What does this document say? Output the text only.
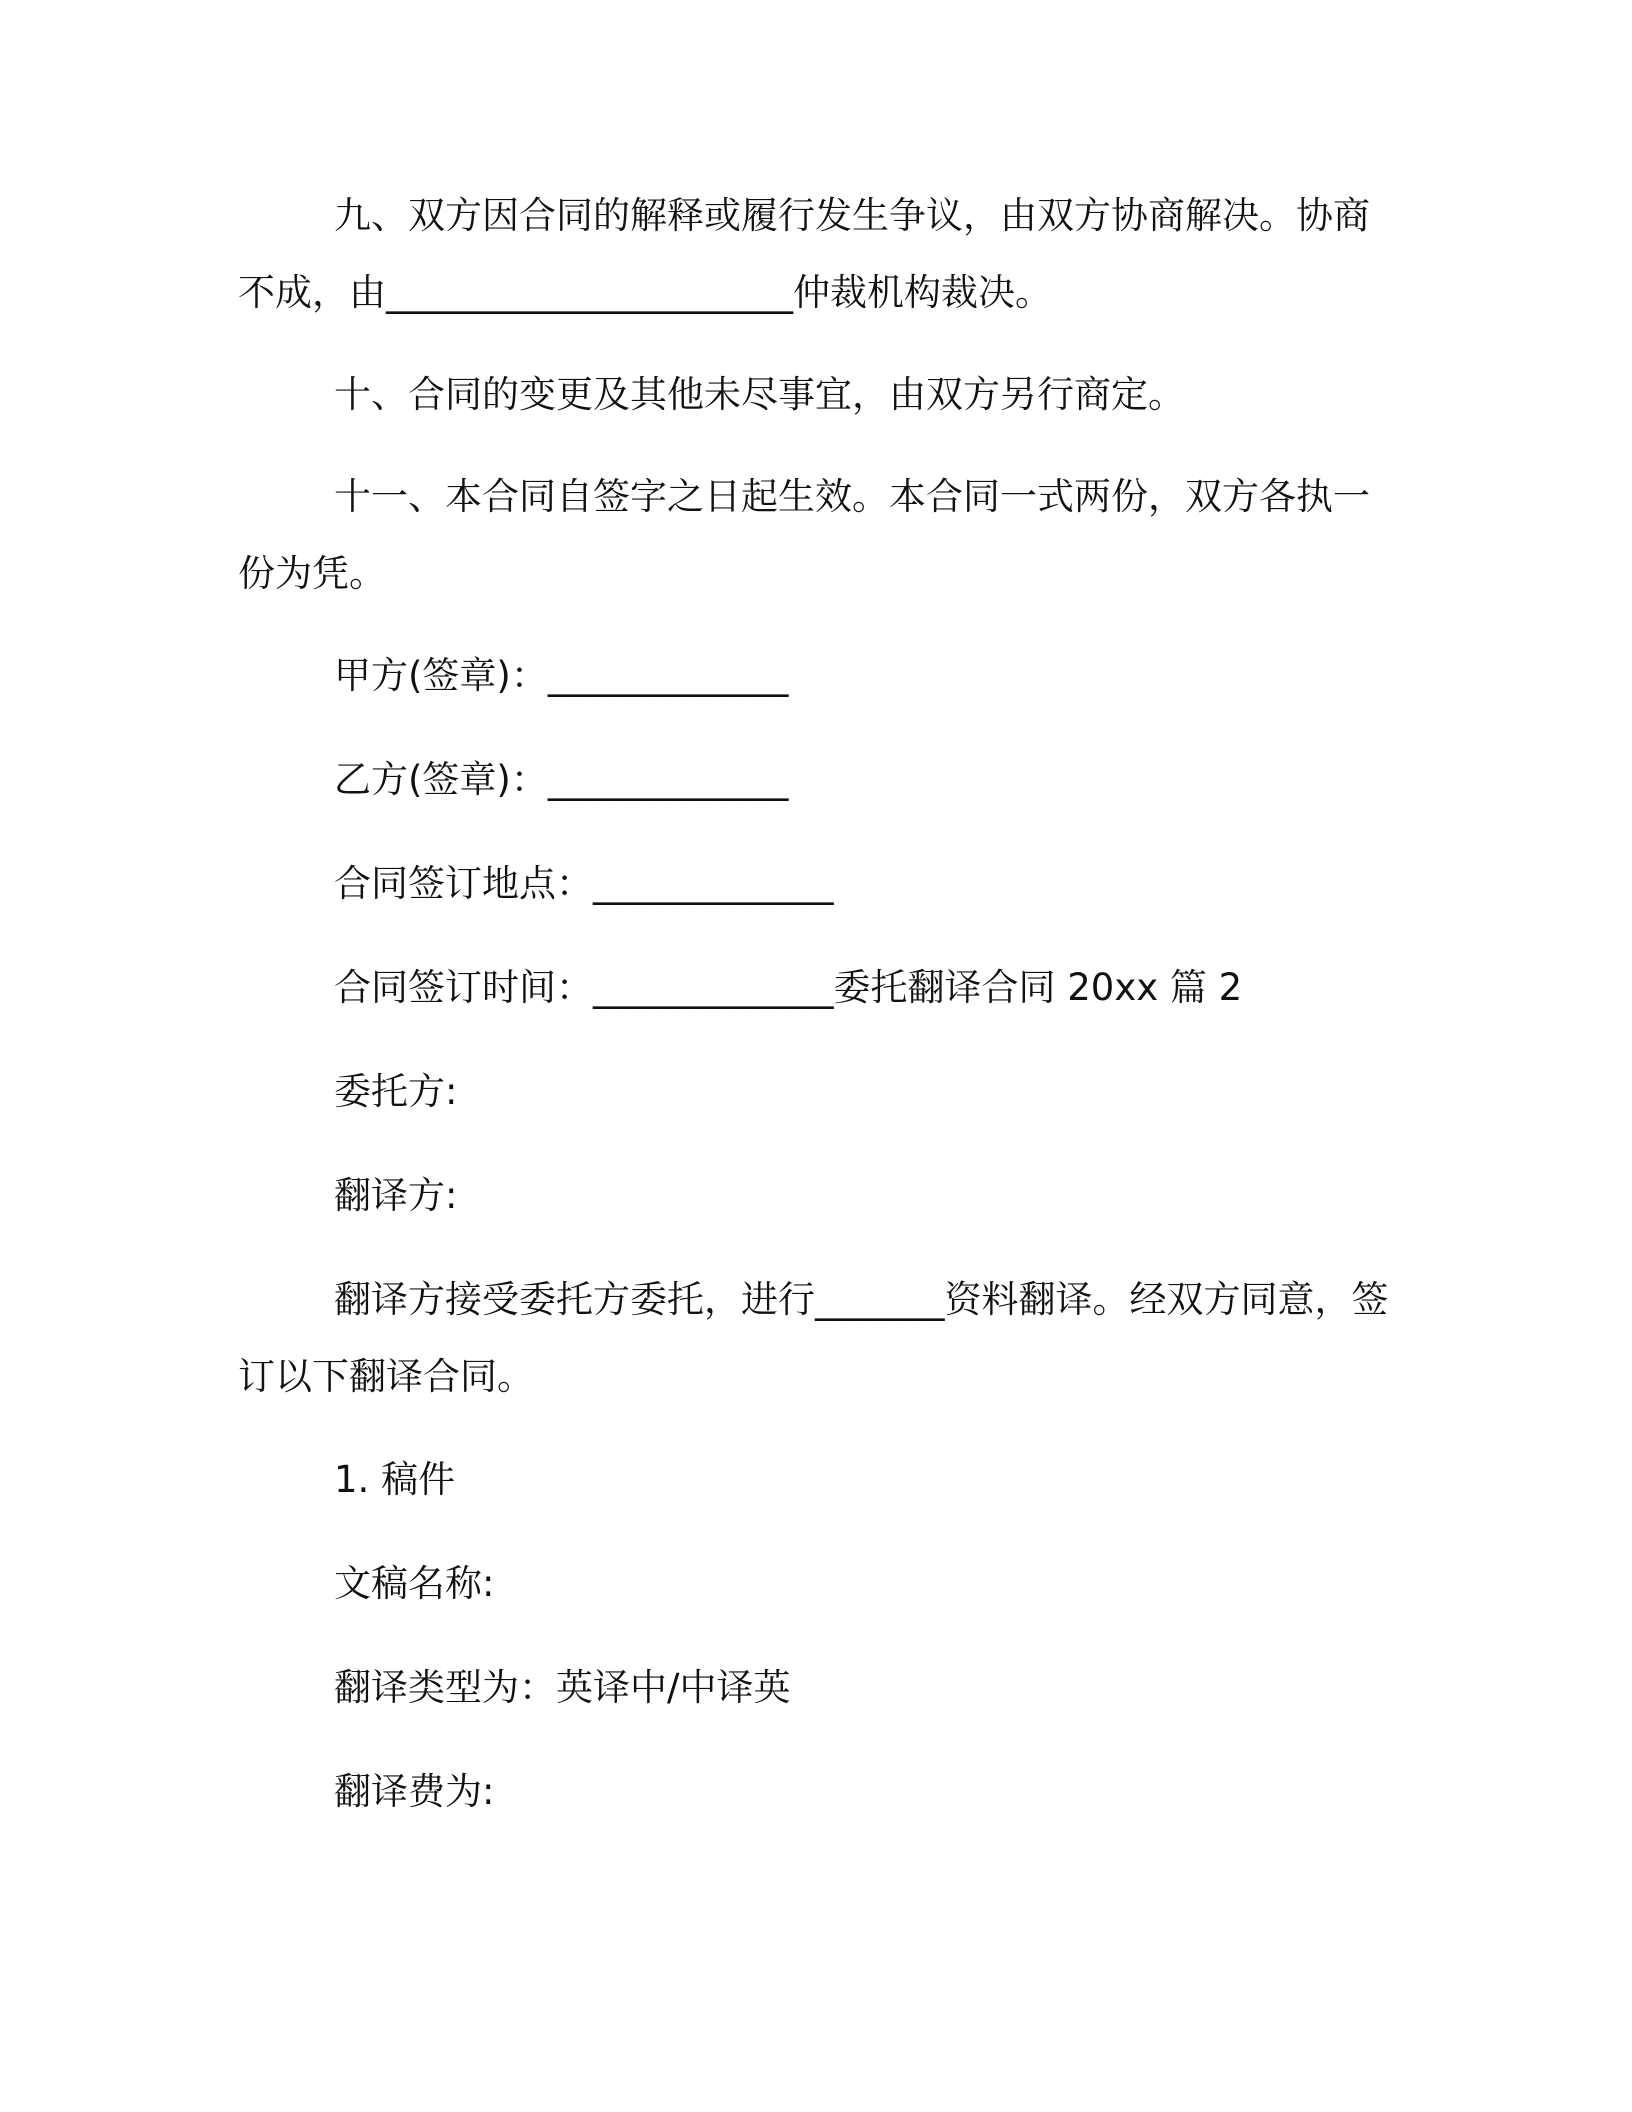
九、双方因合同的解释或履行发生争议，由双方协商解决。协商不成，由______________________仲裁机构裁决。

十、合同的变更及其他未尽事宜，由双方另行商定。

十一、本合同自签字之日起生效。本合同一式两份，双方各执一份为凭。

甲方(签章)：_____________

乙方(签章)：_____________

合同签订地点：_____________

合同签订时间：_____________委托翻译合同 20xx 篇 2

委托方:

翻译方:

翻译方接受委托方委托，进行_______资料翻译。经双方同意，签订以下翻译合同。

1. 稿件

文稿名称:

翻译类型为：英译中/中译英

翻译费为:
